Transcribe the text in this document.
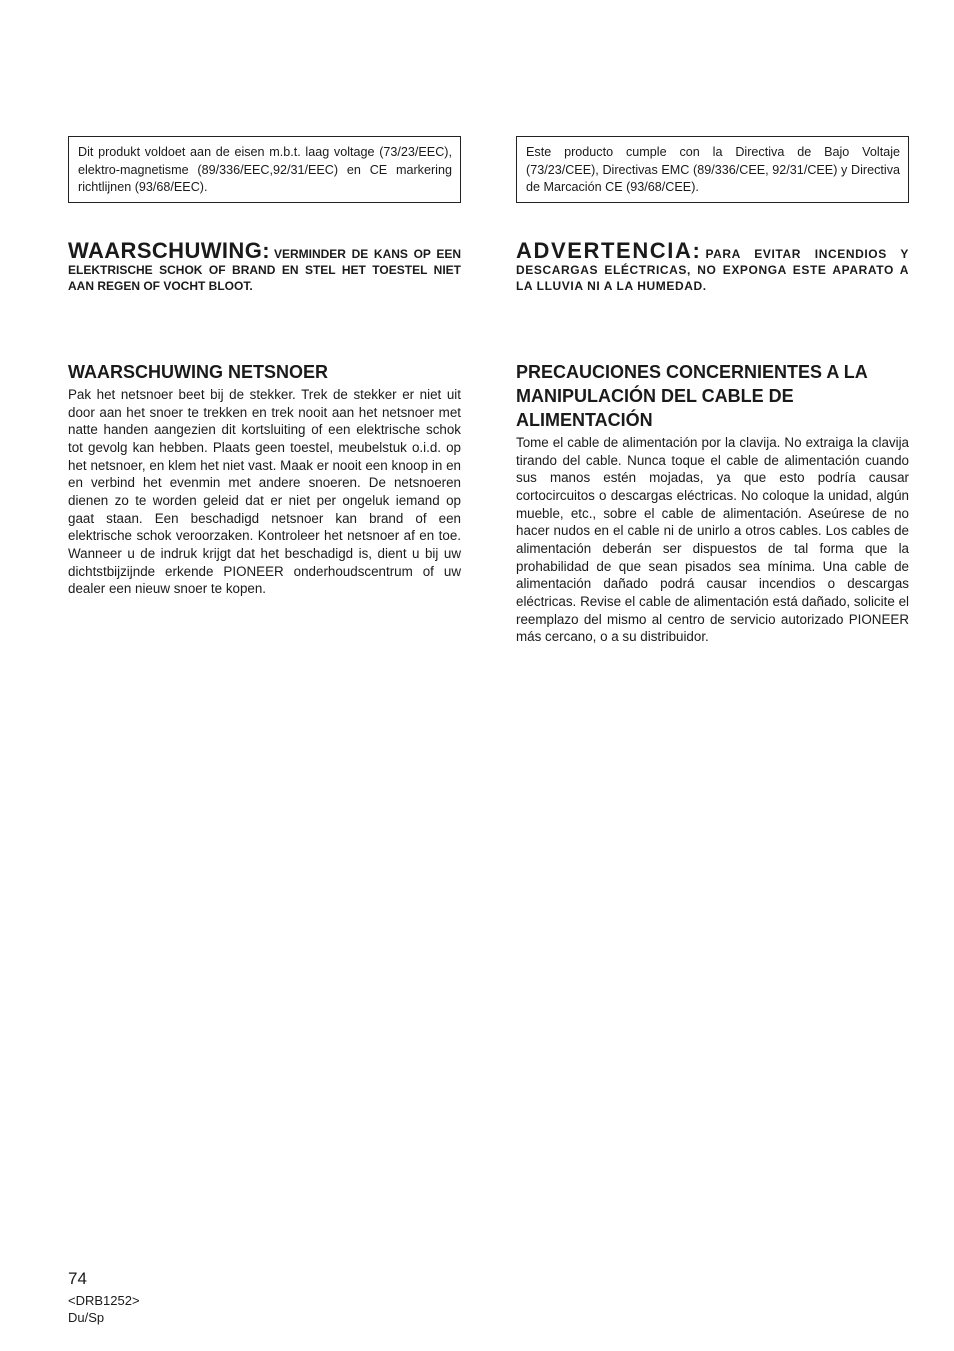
Dit produkt voldoet aan de eisen m.b.t. laag voltage (73/23/EEC), elektro-magnetisme (89/336/EEC,92/31/EEC) en CE markering richtlijnen (93/68/EEC).

WAARSCHUWING: VERMINDER DE KANS OP EEN ELEKTRISCHE SCHOK OF BRAND EN STEL HET TOESTEL NIET AAN REGEN OF VOCHT BLOOT.

WAARSCHUWING NETSNOER

Pak het netsnoer beet bij de stekker. Trek de stekker er niet uit door aan het snoer te trekken en trek nooit aan het netsnoer met natte handen aangezien dit kortsluiting of een elektrische schok tot gevolg kan hebben. Plaats geen toestel, meubelstuk o.i.d. op het netsnoer, en klem het niet vast. Maak er nooit een knoop in en en verbind het evenmin met andere snoeren. De netsnoeren dienen zo te worden geleid dat er niet per ongeluk iemand op gaat staan. Een beschadigd netsnoer kan brand of een elektrische schok veroorzaken. Kontroleer het netsnoer af en toe. Wanneer u de indruk krijgt dat het beschadigd is, dient u bij uw dichtstbijzijnde erkende PIONEER onderhoudscentrum of uw dealer een nieuw snoer te kopen.

Este producto cumple con la Directiva de Bajo Voltaje (73/23/CEE), Directivas EMC (89/336/CEE, 92/31/CEE) y Directiva de Marcación CE (93/68/CEE).

ADVERTENCIA: PARA EVITAR INCENDIOS Y DESCARGAS ELÉCTRICAS, NO EXPONGA ESTE APARATO A LA LLUVIA NI A LA HUMEDAD.

PRECAUCIONES CONCERNIENTES A LA MANIPULACIÓN DEL CABLE DE ALIMENTACIÓN

Tome el cable de alimentación por la clavija. No extraiga la clavija tirando del cable. Nunca toque el cable de alimentación cuando sus manos estén mojadas, ya que esto podría causar cortocircuitos o descargas eléctricas. No coloque la unidad, algún mueble, etc., sobre el cable de alimentación. Aseúrese de no hacer nudos en el cable ni de unirlo a otros cables. Los cables de alimentación deberán ser dispuestos de tal forma que la prohabilidad de que sean pisados sea mínima. Una cable de alimentación dañado podrá causar incendios o descargas eléctricas. Revise el cable de alimentación está dañado, solicite el reemplazo del mismo al centro de servicio autorizado PIONEER más cercano, o a su distribuidor.

74
<DRB1252>
Du/Sp
